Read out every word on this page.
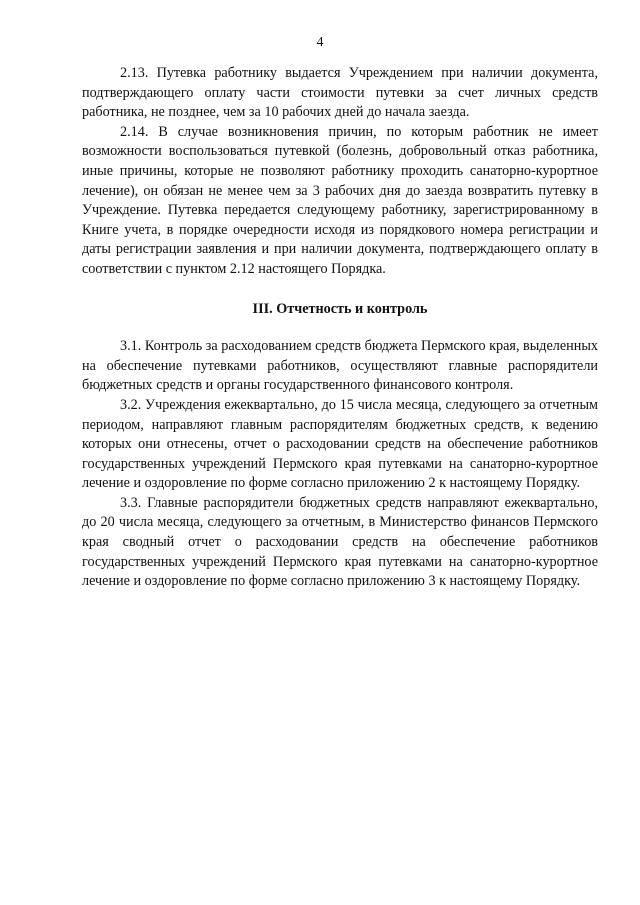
4

2.13. Путевка работнику выдается Учреждением при наличии документа, подтверждающего оплату части стоимости путевки за счет личных средств работника, не позднее, чем за 10 рабочих дней до начала заезда.

2.14. В случае возникновения причин, по которым работник не имеет возможности воспользоваться путевкой (болезнь, добровольный отказ работника, иные причины, которые не позволяют работнику проходить санаторно-курортное лечение), он обязан не менее чем за 3 рабочих дня до заезда возвратить путевку в Учреждение. Путевка передается следующему работнику, зарегистрированному в Книге учета, в порядке очередности исходя из порядкового номера регистрации и даты регистрации заявления и при наличии документа, подтверждающего оплату в соответствии с пунктом 2.12 настоящего Порядка.

III. Отчетность и контроль

3.1. Контроль за расходованием средств бюджета Пермского края, выделенных на обеспечение путевками работников, осуществляют главные распорядители бюджетных средств и органы государственного финансового контроля.

3.2. Учреждения ежеквартально, до 15 числа месяца, следующего за отчетным периодом, направляют главным распорядителям бюджетных средств, к ведению которых они отнесены, отчет о расходовании средств на обеспечение работников государственных учреждений Пермского края путевками на санаторно-курортное лечение и оздоровление по форме согласно приложению 2 к настоящему Порядку.

3.3. Главные распорядители бюджетных средств направляют ежеквартально, до 20 числа месяца, следующего за отчетным, в Министерство финансов Пермского края сводный отчет о расходовании средств на обеспечение работников государственных учреждений Пермского края путевками на санаторно-курортное лечение и оздоровление по форме согласно приложению 3 к настоящему Порядку.
